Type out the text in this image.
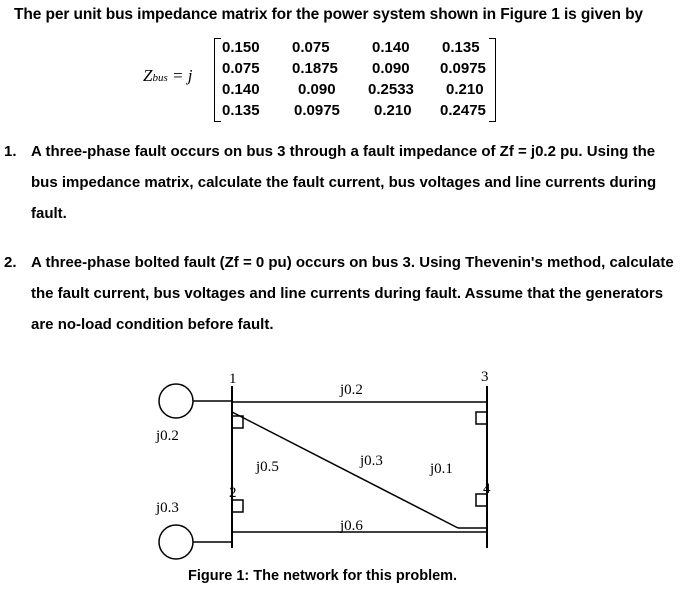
The per unit bus impedance matrix for the power system shown in Figure 1 is given by
Zbus = j
0.150	0.075	0.140	0.135
0.075	0.1875	0.090	0.0975
0.140	0.090	0.2533	0.210
0.135	0.0975	0.210	0.2475
1. A three-phase fault occurs on bus 3 through a fault impedance of Zf = j0.2 pu. Using the
bus impedance matrix, calculate the fault current, bus voltages and line currents during
fault.
2. A three-phase bolted fault (Zf = 0 pu) occurs on bus 3. Using Thevenin's method, calculate
the fault current, bus voltages and line currents during fault. Assume that the generators
are no-load condition before fault.
1
2
3
4
j0.2
j0.3
j0.2
j0.5	j0.3	j0.1
j0.6
Figure 1: The network for this problem.
